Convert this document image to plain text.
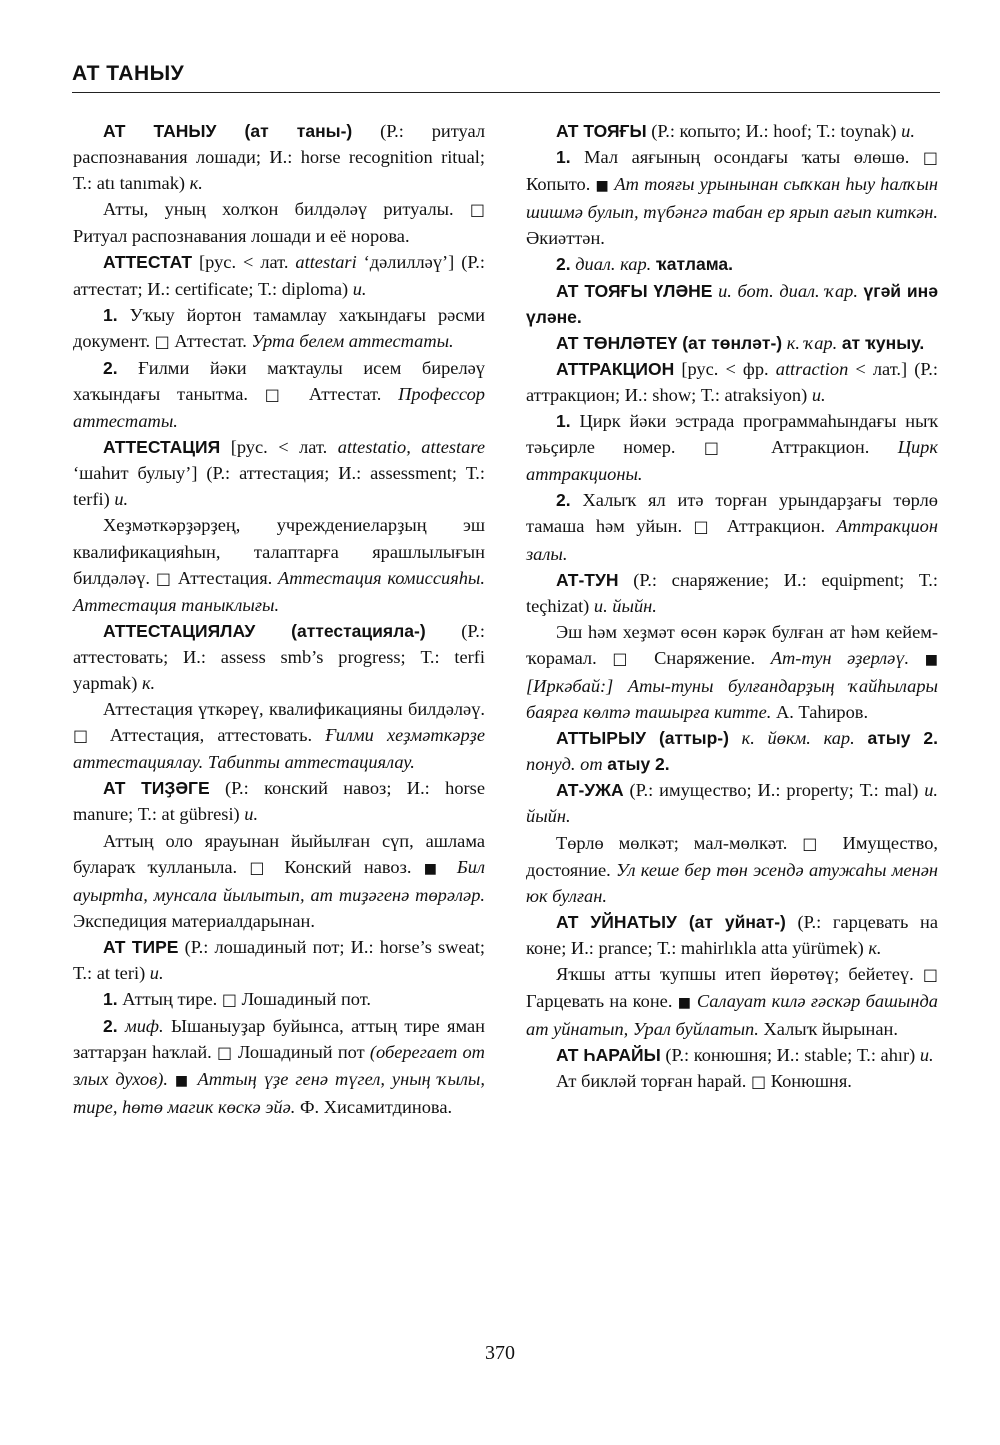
АТ ТАНЫУ

АТ ТАНЫУ (ат таны-) (Р.: ритуал распознавания лошади; И.: horse recognition ritual; Т.: atı tanımak) к.

Атты, уның холҡон билдәләү ритуалы. □ Ритуал распознавания лошади и её норова.

АТТЕСТАТ [рус. < лат. attestari ‘дәлилләү’] (Р.: аттестат; И.: certificate; Т.: diploma) и.

1. Уҡыу йортон тамамлау хаҡындағы рәсми документ. □ Аттестат. Урта белем аттестаты.

2. Ғилми йәки маҡтаулы исем биреләү хаҡындағы танытма. □ Аттестат. Профессор аттестаты.

АТТЕСТАЦИЯ [рус. < лат. attestatio, attestare ‘шаһит булыу’] (Р.: аттестация; И.: assessment; Т.: terfi) и.

Хеҙмәткәрҙәрҙең, учреждениеларҙың эш квалификацияһын, талаптарға ярашлылығын билдәләү. □ Аттестация. Аттестация комиссияһы. Аттестация таныклығы.

АТТЕСТАЦИЯЛАУ (аттестацияла-) (Р.: аттестовать; И.: assess smb’s progress; Т.: terfi yapmak) к.

Аттестация үткәреү, квалификацияны билдәләү. □ Аттестация, аттестовать. Ғилми хеҙмәткәрҙе аттестациялау. Табипты аттестациялау.

АТ ТИҘӘГЕ (Р.: конский навоз; И.: horse manure; Т.: at gübresi) и.

Аттың оло ярауынан йыйылған сүп, ашлама булараҡ ҡулланыла. □ Конский навоз. ■ Бил ауыртһа, мунсала йылытып, ат тиҙәгенә төрәләр. Экспедиция материалдарынан.

АТ ТИРЕ (Р.: лошадиный пот; И.: horse’s sweat; Т.: at teri) и.

1. Аттың тире. □ Лошадиный пот.

2. миф. Ышаныуҙар буйынса, аттың тире яман заттарҙан һаҡлай. □ Лошадиный пот (оберегает от злых духов). ■ Аттың үҙе генә түгел, уның ҡылы, тире, һөтө магик көскә эйә. Ф. Хисамитдинова.

АТ ТОЯҒЫ (Р.: копыто; И.: hoof; Т.: toynak) и.

1. Мал аяғының осондағы ҡаты өлөшө. □ Копыто. ■ Ат тояғы урынынан сыҡкан һыу һалҡын шишмә булып, түбәнгә табан ер ярып ағып киткән. Әкиәттән.

2. диал. кар. ҡатлама.

АТ ТОЯҒЫ ҮЛӘНЕ и. бот. диал. ҡар. үгәй инә үләне.

АТ ТӨНЛӘТЕҮ (ат төнләт-) к. ҡар. ат ҡуныу.

АТТРАКЦИОН [рус. < фр. attraction < лат.] (Р.: аттракцион; И.: show; Т.: atraksiyon) и.

1. Цирк йәки эстрада программаһындағы ныҡ тәьҫирле номер. □ Аттракцион. Цирк аттракционы.

2. Халыҡ ял итә торған урындарҙағы төрлө тамаша һәм уйын. □ Аттракцион. Аттракцион залы.

АТ-ТУН (Р.: снаряжение; И.: equipment; Т.: teçhizat) и. йыйн.

Эш һәм хеҙмәт өсөн кәрәк булған ат һәм кейем-ҡорамал. □ Снаряжение. Ат-тун әҙерләү. ■ [Иркәбай:] Аты-туны булғандарҙың ҡайһылары баярға көлтә ташырға китте. А. Таһиров.

АТТЫРЫУ (аттыр-) к. йөкм. кар. атыу 2. понуд. от атыу 2.

АТ-УЖА (Р.: имущество; И.: property; Т.: mal) и. йыйн.

Төрлө мөлкәт; мал-мөлкәт. □ Имущество, достояние. Ул кеше бер төн эсендә атужаһы менән юк булған.

АТ УЙНАТЫУ (ат уйнат-) (Р.: гарцевать на коне; И.: prance; Т.: mahirlıkla atta yürümek) к.

Яҡшы атты ҡупшы итеп йөрөтөү; бейетеү. □ Гарцевать на коне. ■ Салауат килә ғәскәр башында ат уйнатып, Урал буйлатып. Халыҡ йырынан.

АТ ҺАРАЙЫ (Р.: конюшня; И.: stable; Т.: ahır) и.

Ат бикләй торған һарай. □ Конюшня.

370
